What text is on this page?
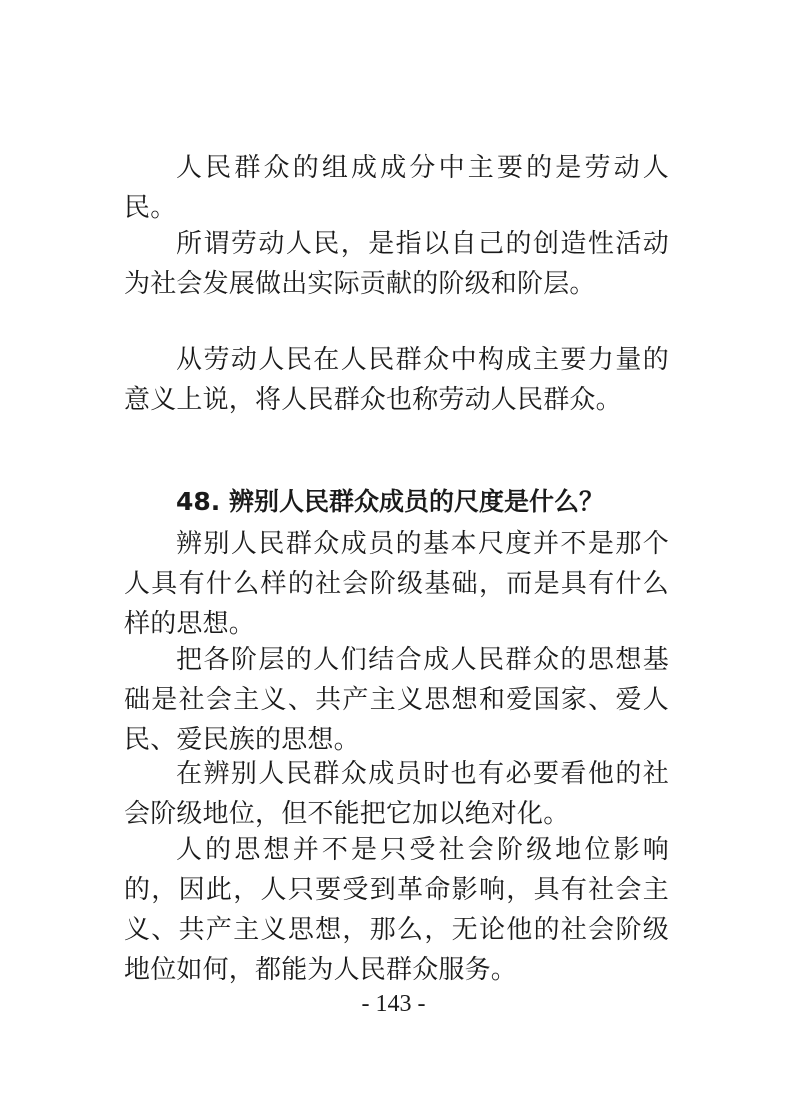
人民群众的组成成分中主要的是劳动人民。

所谓劳动人民，是指以自己的创造性活动为社会发展做出实际贡献的阶级和阶层。

从劳动人民在人民群众中构成主要力量的意义上说，将人民群众也称劳动人民群众。

48. 辨别人民群众成员的尺度是什么？

辨别人民群众成员的基本尺度并不是那个人具有什么样的社会阶级基础，而是具有什么样的思想。

把各阶层的人们结合成人民群众的思想基础是社会主义、共产主义思想和爱国家、爱人民、爱民族的思想。

在辨别人民群众成员时也有必要看他的社会阶级地位，但不能把它加以绝对化。

人的思想并不是只受社会阶级地位影响的，因此，人只要受到革命影响，具有社会主义、共产主义思想，那么，无论他的社会阶级地位如何，都能为人民群众服务。

- 143 -
